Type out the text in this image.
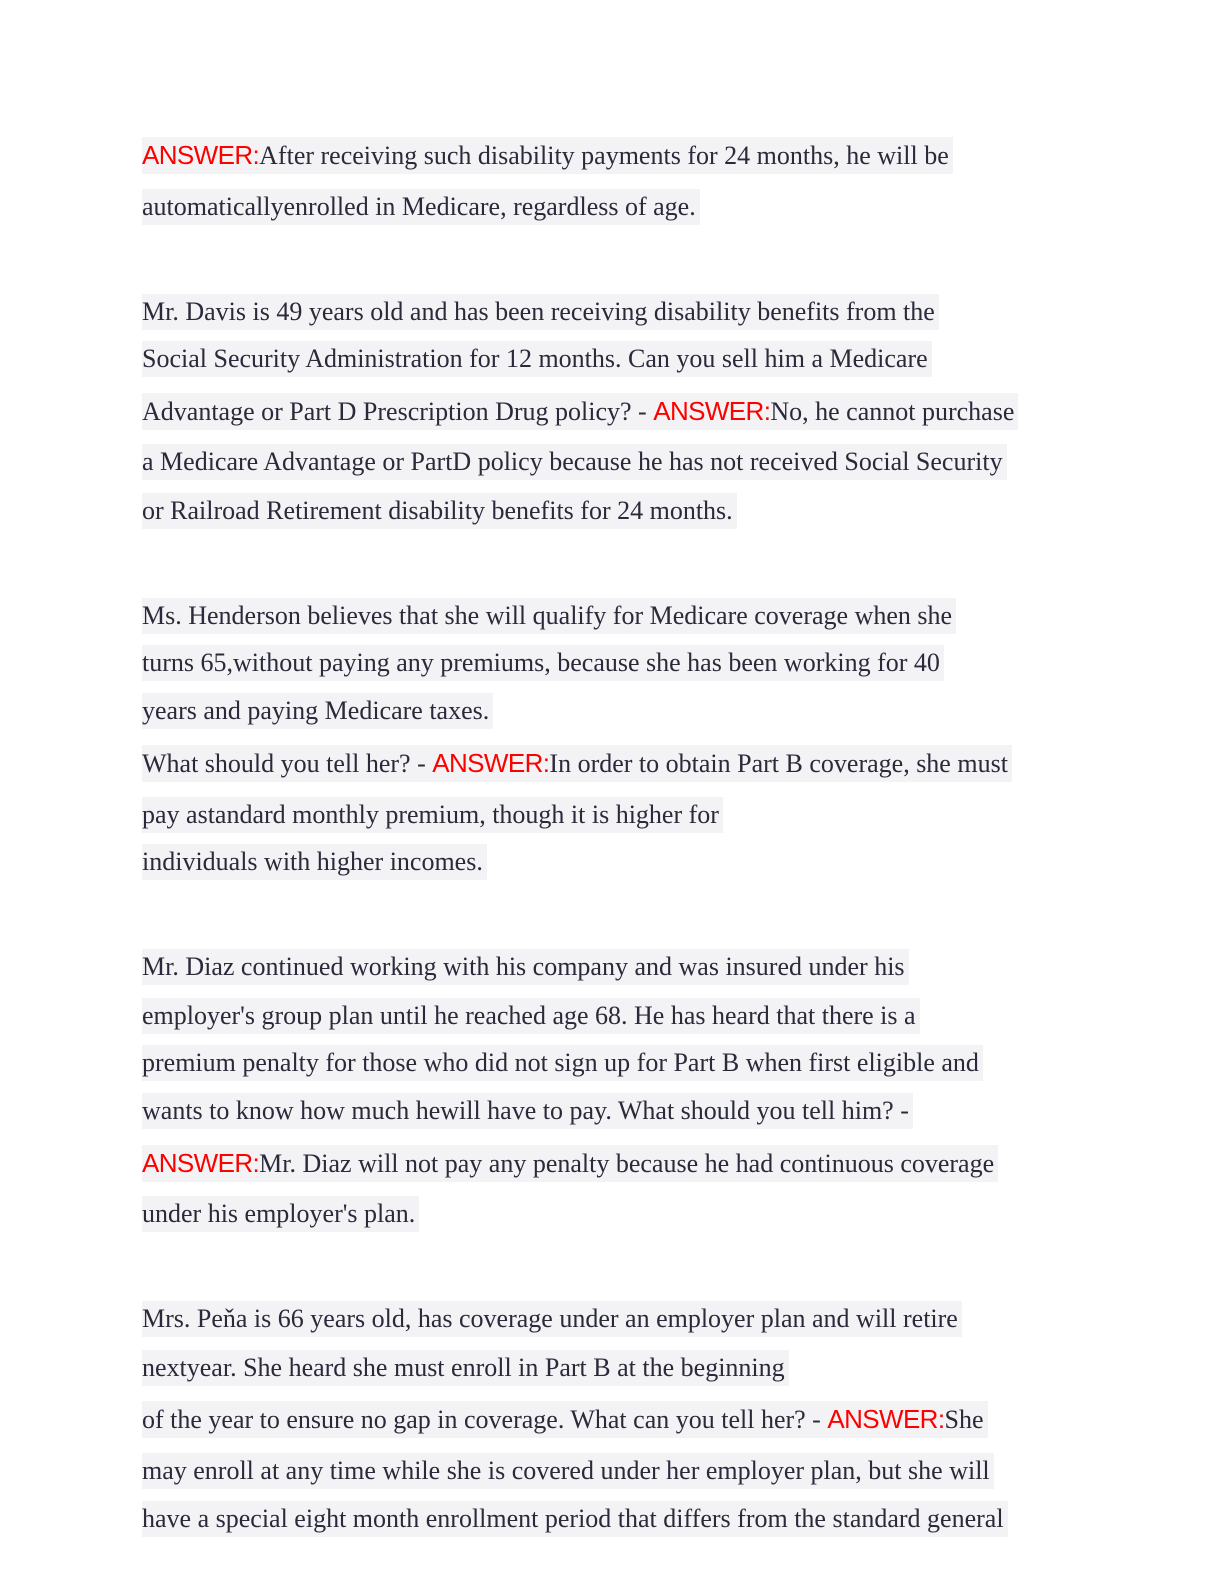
ANSWER:After receiving such disability payments for 24 months, he will be
automaticallyenrolled in Medicare, regardless of age.
Mr. Davis is 49 years old and has been receiving disability benefits from the
Social Security Administration for 12 months. Can you sell him a Medicare
Advantage or Part D Prescription Drug policy? - ANSWER:No, he cannot purchase
a Medicare Advantage or PartD policy because he has not received Social Security
or Railroad Retirement disability benefits for 24 months.
Ms. Henderson believes that she will qualify for Medicare coverage when she
turns 65,without paying any premiums, because she has been working for 40
years and paying Medicare taxes.
What should you tell her? - ANSWER:In order to obtain Part B coverage, she must
pay astandard monthly premium, though it is higher for
individuals with higher incomes.
Mr. Diaz continued working with his company and was insured under his
employer's group plan until he reached age 68. He has heard that there is a
premium penalty for those who did not sign up for Part B when first eligible and
wants to know how much hewill have to pay. What should you tell him? -
ANSWER:Mr. Diaz will not pay any penalty because he had continuous coverage
under his employer's plan.
Mrs. Peňa is 66 years old, has coverage under an employer plan and will retire
nextyear. She heard she must enroll in Part B at the beginning
of the year to ensure no gap in coverage. What can you tell her? - ANSWER:She
may enroll at any time while she is covered under her employer plan, but she will
have a special eight month enrollment period that differs from the standard general
